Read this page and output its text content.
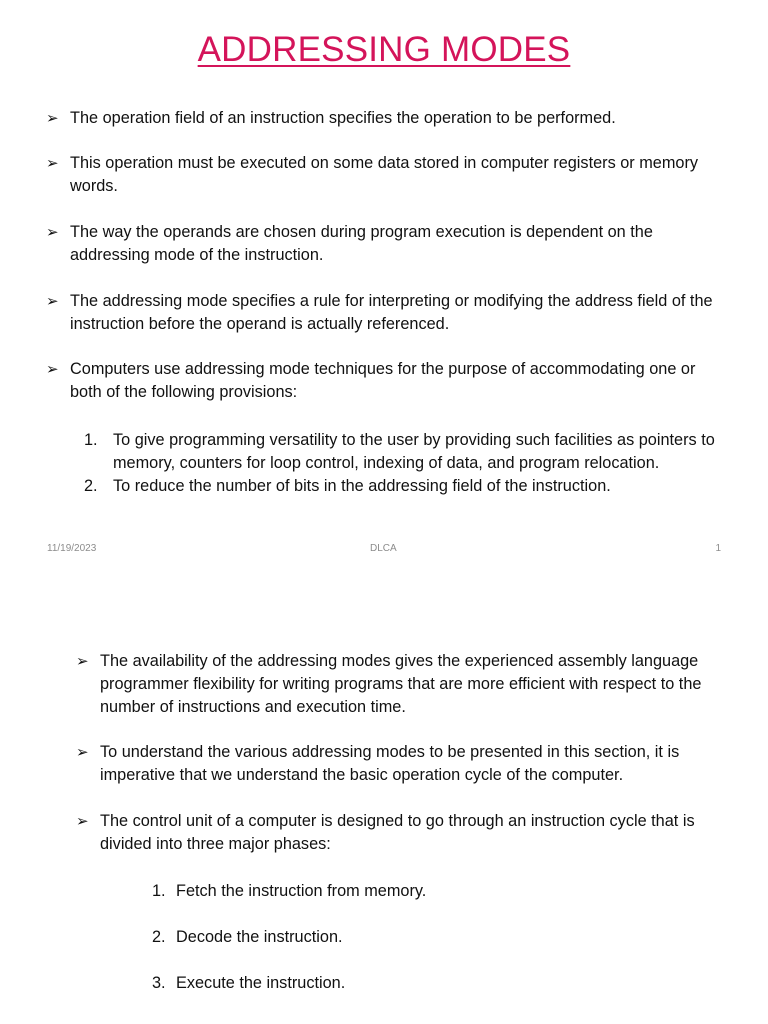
ADDRESSING MODES
➢ The operation field of an instruction specifies the operation to be performed.
➢ This operation must be executed on some data stored in computer registers or memory words.
➢ The way the operands are chosen during program execution is dependent on the addressing mode of the instruction.
➢ The addressing mode specifies a rule for interpreting or modifying the address field of the instruction before the operand is actually referenced.
➢ Computers use addressing mode techniques for the purpose of accommodating one or both of the following provisions:
1. To give programming versatility to the user by providing such facilities as pointers to memory, counters for loop control, indexing of data, and program relocation.
2. To reduce the number of bits in the addressing field of the instruction.
11/19/2023	DLCA	1
➢ The availability of the addressing modes gives the experienced assembly language programmer flexibility for writing programs that are more efficient with respect to the number of instructions and execution time.
➢ To understand the various addressing modes to be presented in this section, it is imperative that we understand the basic operation cycle of the computer.
➢ The control unit of a computer is designed to go through an instruction cycle that is divided into three major phases:
1. Fetch the instruction from memory.
2. Decode the instruction.
3. Execute the instruction.
